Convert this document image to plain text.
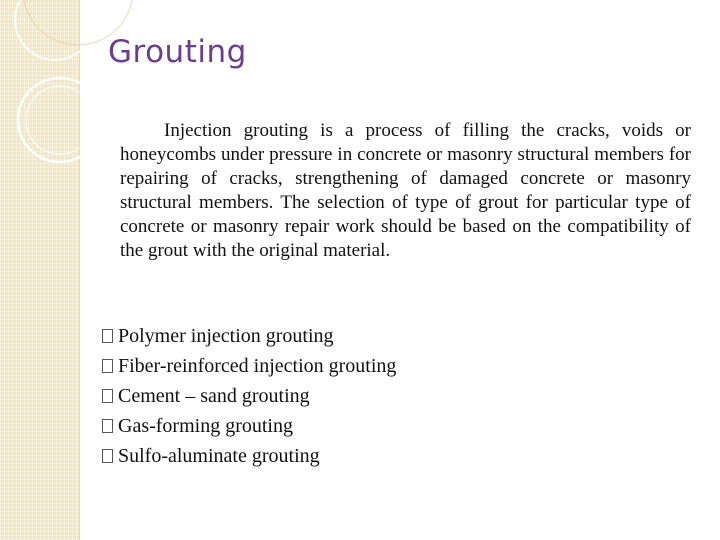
Grouting

Injection grouting is a process of filling the cracks, voids or honeycombs under pressure in concrete or masonry structural members for repairing of cracks, strengthening of damaged concrete or masonry structural members. The selection of type of grout for particular type of concrete or masonry repair work should be based on the compatibility of the grout with the original material.

Polymer injection grouting
Fiber-reinforced injection grouting
Cement – sand grouting
Gas-forming grouting
Sulfo-aluminate grouting
